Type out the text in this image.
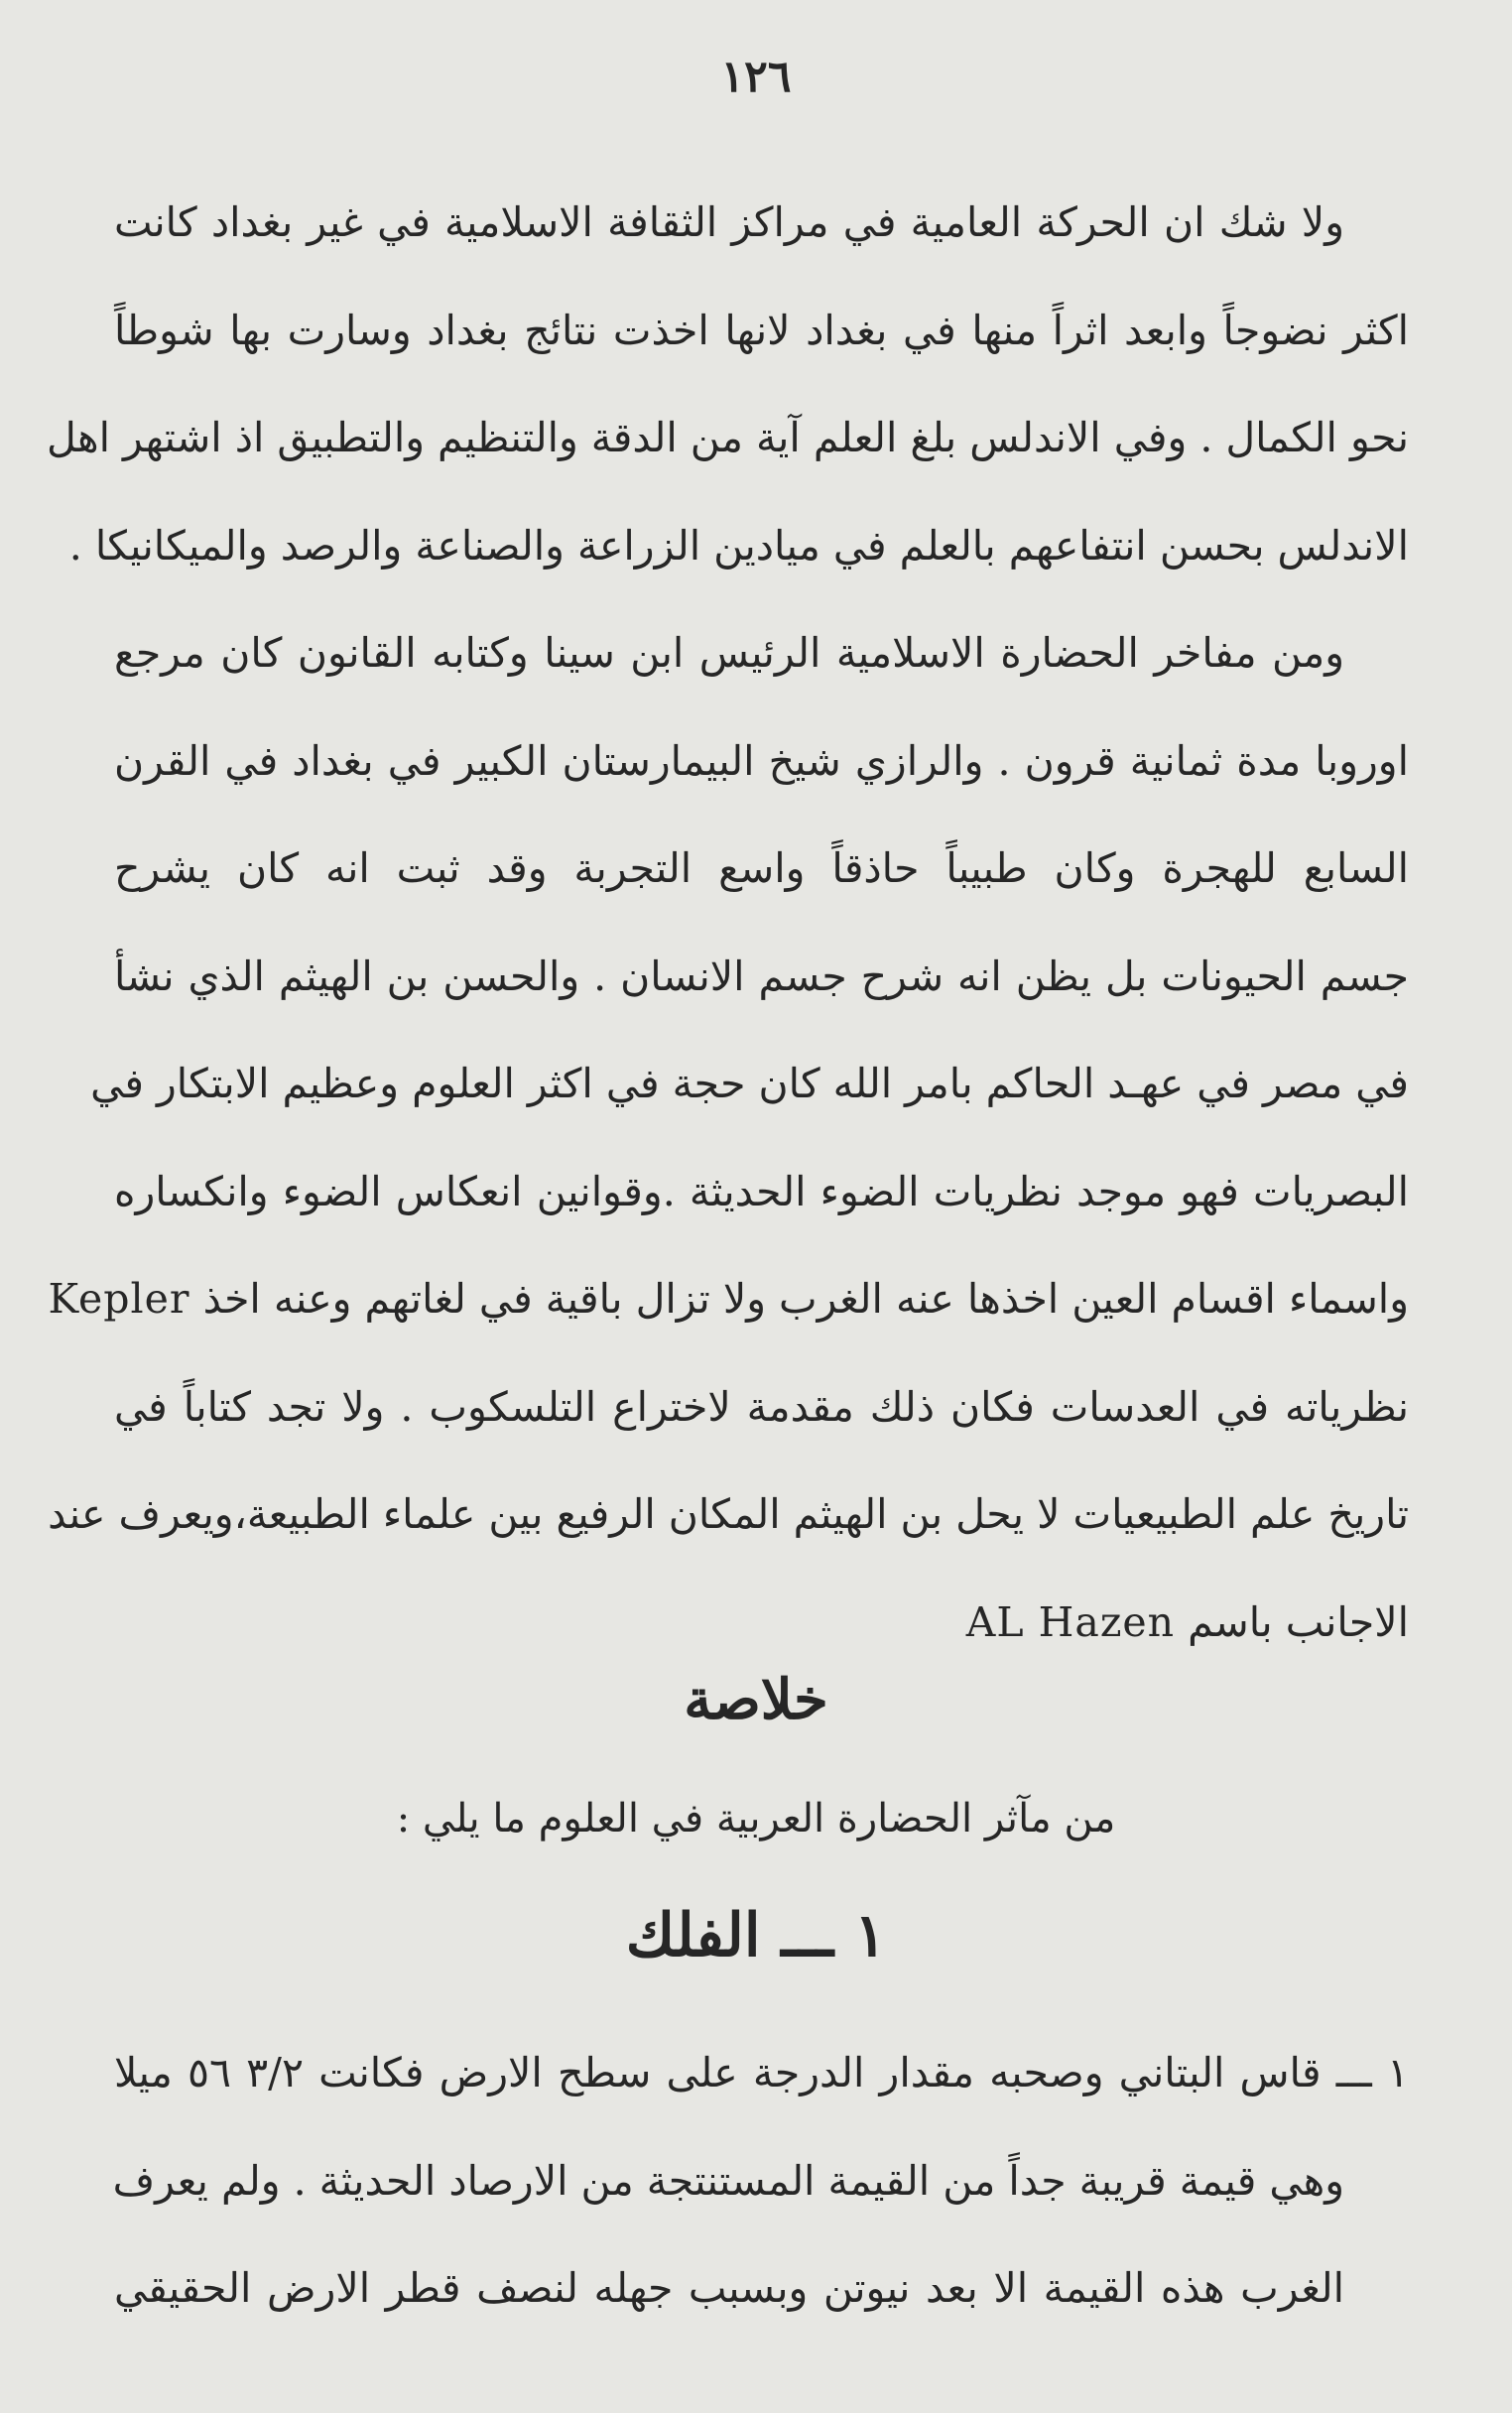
١٢٦
ولا شك ان الحركة العامية في مراكز الثقافة الاسلامية في غير بغداد كانت
اكثر نضوجاً وابعد اثراً منها في بغداد لانها اخذت نتائج بغداد وسارت بها شوطاً
نحو الكمال . وفي الاندلس بلغ العلم آية من الدقة والتنظيم والتطبيق اذ اشتهر اهل
الاندلس بحسن انتفاعهم بالعلم في ميادين الزراعة والصناعة والرصد والميكانيكا .
ومن مفاخر الحضارة الاسلامية الرئيس ابن سينا وكتابه القانون كان مرجع
اوروبا مدة ثمانية قرون . والرازي شيخ البيمارستان الكبير في بغداد في القرن
السابع للهجرة وكان طبيباً حاذقاً واسع التجربة وقد ثبت انه كان يشرح
جسم الحيونات بل يظن انه شرح جسم الانسان . والحسن بن الهيثم الذي نشأ
في مصر في عهـد الحاكم بامر الله كان حجة في اكثر العلوم وعظيم الابتكار في
البصريات فهو موجد نظريات الضوء الحديثة .وقوانين انعكاس الضوء وانكساره
واسماء اقسام العين اخذها عنه الغرب ولا تزال باقية في لغاتهم وعنه اخذ Kepler
نظرياته في العدسات فكان ذلك مقدمة لاختراع التلسكوب . ولا تجد كتاباً في
تاريخ علم الطبيعيات لا يحل بن الهيثم المكان الرفيع بين علماء الطبيعة،ويعرف عند
الاجانب باسم AL Hazen
خلاصة
من مآثر الحضارة العربية في العلوم ما يلي :
١ ـــ الفلك
١ ـــ قاس البتاني وصحبه مقدار الدرجة على سطح الارض فكانت ٣/٢ ٥٦ ميلا
وهي قيمة قريبة جداً من القيمة المستنتجة من الارصاد الحديثة . ولم يعرف
الغرب هذه القيمة الا بعد نيوتن وبسبب جهله لنصف قطر الارض الحقيقي
